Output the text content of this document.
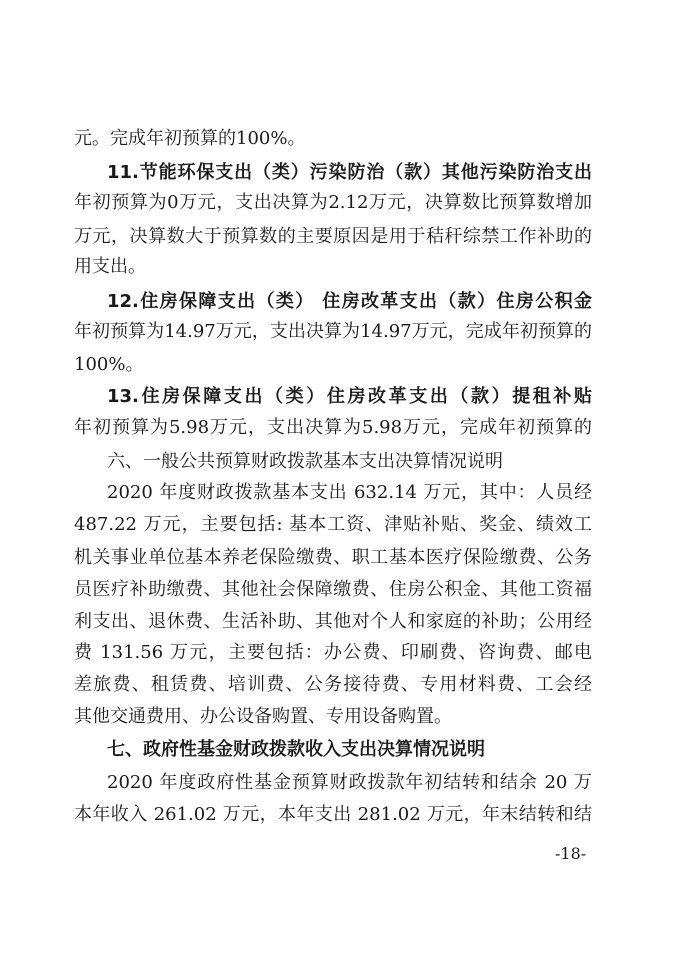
元。完成年初预算的100%。
11.节能环保支出（类）污染防治（款）其他污染防治支出
年初预算为0万元，支出决算为2.12万元，决算数比预算数增加
万元，决算数大于预算数的主要原因是用于秸秆综禁工作补助的
用支出。
12.住房保障支出（类） 住房改革支出（款）住房公积金
年初预算为14.97万元，支出决算为14.97万元，完成年初预算的
100%。
13.住房保障支出（类）住房改革支出（款）提租补贴
年初预算为5.98万元，支出决算为5.98万元，完成年初预算的
六、一般公共预算财政拨款基本支出决算情况说明
2020 年度财政拨款基本支出 632.14 万元，其中：人员经
487.22 万元，主要包括: 基本工资、津贴补贴、奖金、绩效工
机关事业单位基本养老保险缴费、职工基本医疗保险缴费、公务
员医疗补助缴费、其他社会保障缴费、住房公积金、其他工资福
利支出、退休费、生活补助、其他对个人和家庭的补助；公用经
费 131.56 万元，主要包括：办公费、印刷费、咨询费、邮电
差旅费、租赁费、培训费、公务接待费、专用材料费、工会经
其他交通费用、办公设备购置、专用设备购置。
七、政府性基金财政拨款收入支出决算情况说明
2020 年度政府性基金预算财政拨款年初结转和结余 20 万
本年收入 261.02 万元，本年支出 281.02 万元，年末结转和结
-18-
